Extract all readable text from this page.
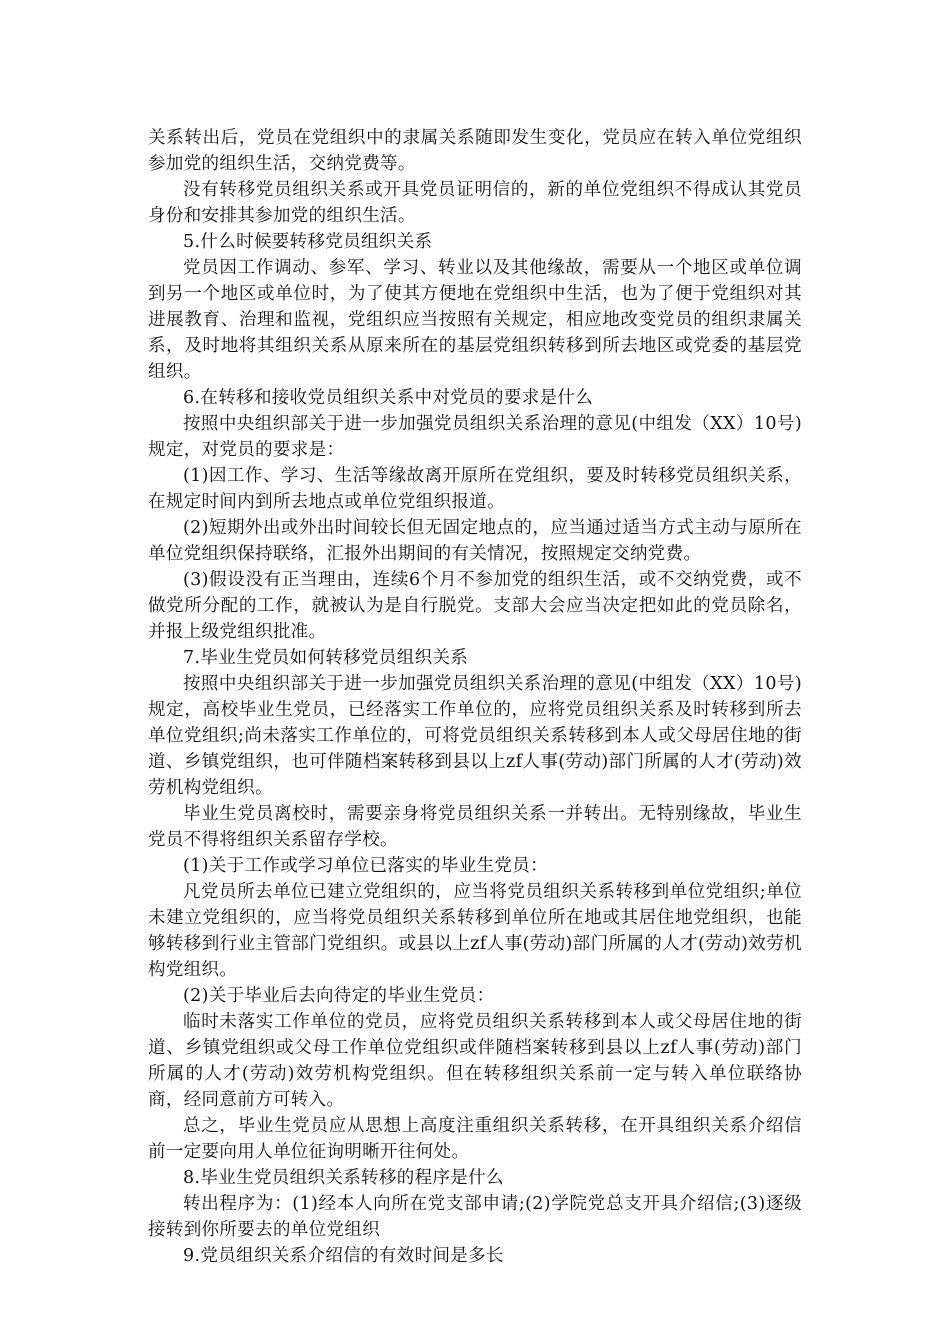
关系转出后，党员在党组织中的隶属关系随即发生变化，党员应在转入单位党组织参加党的组织生活，交纳党费等。

没有转移党员组织关系或开具党员证明信的，新的单位党组织不得成认其党员身份和安排其参加党的组织生活。

5.什么时候要转移党员组织关系

党员因工作调动、参军、学习、转业以及其他缘故，需要从一个地区或单位调到另一个地区或单位时，为了使其方便地在党组织中生活，也为了便于党组织对其进展教育、治理和监视，党组织应当按照有关规定，相应地改变党员的组织隶属关系，及时地将其组织关系从原来所在的基层党组织转移到所去地区或党委的基层党组织。

6.在转移和接收党员组织关系中对党员的要求是什么

按照中央组织部关于进一步加强党员组织关系治理的意见(中组发（XX）10号)规定，对党员的要求是：

(1)因工作、学习、生活等缘故离开原所在党组织，要及时转移党员组织关系，在规定时间内到所去地点或单位党组织报道。

(2)短期外出或外出时间较长但无固定地点的，应当通过适当方式主动与原所在单位党组织保持联络，汇报外出期间的有关情况，按照规定交纳党费。

(3)假设没有正当理由，连续6个月不参加党的组织生活，或不交纳党费，或不做党所分配的工作，就被认为是自行脱党。支部大会应当决定把如此的党员除名，并报上级党组织批准。

7.毕业生党员如何转移党员组织关系

按照中央组织部关于进一步加强党员组织关系治理的意见(中组发（XX）10号)规定，高校毕业生党员，已经落实工作单位的，应将党员组织关系及时转移到所去单位党组织;尚未落实工作单位的，可将党员组织关系转移到本人或父母居住地的街道、乡镇党组织，也可伴随档案转移到县以上zf人事(劳动)部门所属的人才(劳动)效劳机构党组织。

毕业生党员离校时，需要亲身将党员组织关系一并转出。无特别缘故，毕业生党员不得将组织关系留存学校。

(1)关于工作或学习单位已落实的毕业生党员：

凡党员所去单位已建立党组织的，应当将党员组织关系转移到单位党组织;单位未建立党组织的，应当将党员组织关系转移到单位所在地或其居住地党组织，也能够转移到行业主管部门党组织。或县以上zf人事(劳动)部门所属的人才(劳动)效劳机构党组织。

(2)关于毕业后去向待定的毕业生党员：

临时未落实工作单位的党员，应将党员组织关系转移到本人或父母居住地的街道、乡镇党组织或父母工作单位党组织或伴随档案转移到县以上zf人事(劳动)部门所属的人才(劳动)效劳机构党组织。但在转移组织关系前一定与转入单位联络协商，经同意前方可转入。

总之，毕业生党员应从思想上高度注重组织关系转移，在开具组织关系介绍信前一定要向用人单位征询明晰开往何处。

8.毕业生党员组织关系转移的程序是什么

转出程序为：(1)经本人向所在党支部申请;(2)学院党总支开具介绍信;(3)逐级接转到你所要去的单位党组织

9.党员组织关系介绍信的有效时间是多长
